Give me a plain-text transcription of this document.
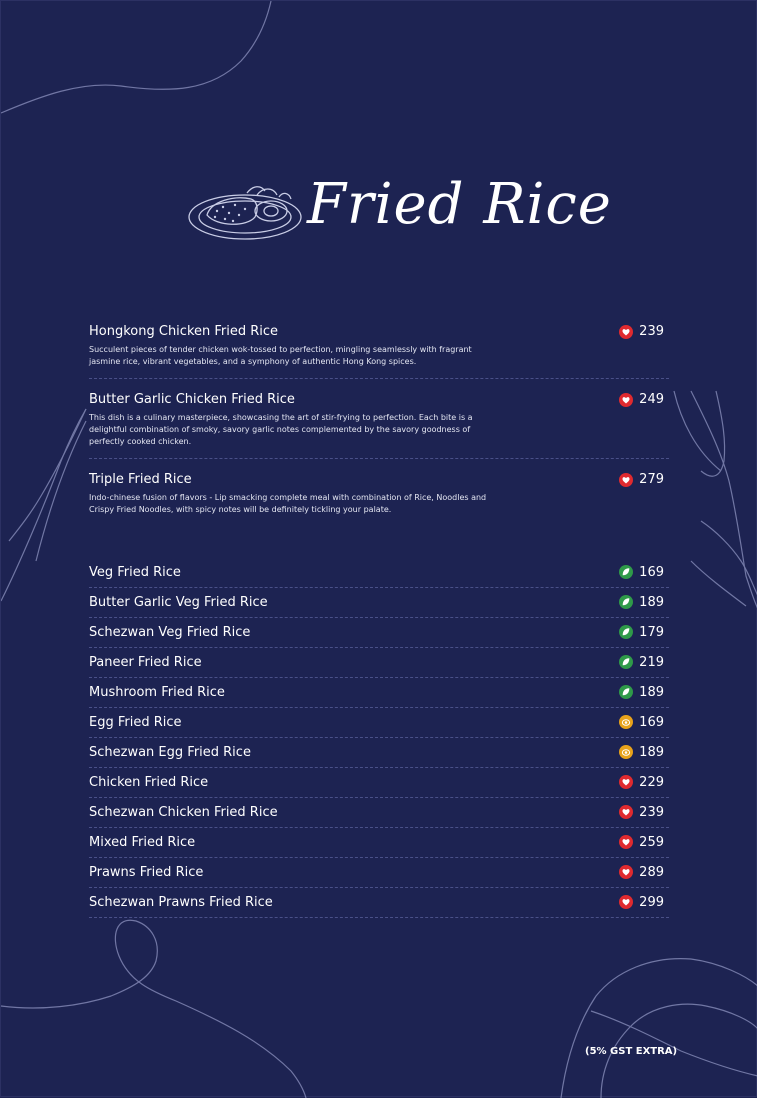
Fried Rice
Hongkong Chicken Fried Rice
Succulent pieces of tender chicken wok-tossed to perfection, mingling seamlessly with fragrant jasmine rice, vibrant vegetables, and a symphony of authentic Hong Kong spices.
239
Butter Garlic Chicken Fried Rice
This dish is a culinary masterpiece, showcasing the art of stir-frying to perfection. Each bite is a delightful combination of smoky, savory garlic notes complemented by the savory goodness of perfectly cooked chicken.
249
Triple Fried Rice
Indo-chinese fusion of flavors - Lip smacking complete meal with combination of Rice, Noodles and Crispy Fried Noodles, with spicy notes will be definitely tickling your palate.
279
Veg Fried Rice	169
Butter Garlic Veg Fried Rice	189
Schezwan Veg Fried Rice	179
Paneer Fried Rice	219
Mushroom Fried Rice	189
Egg Fried Rice	169
Schezwan Egg Fried Rice	189
Chicken Fried Rice	229
Schezwan Chicken Fried Rice	239
Mixed Fried Rice	259
Prawns Fried Rice	289
Schezwan Prawns Fried Rice	299
(5% GST EXTRA)
